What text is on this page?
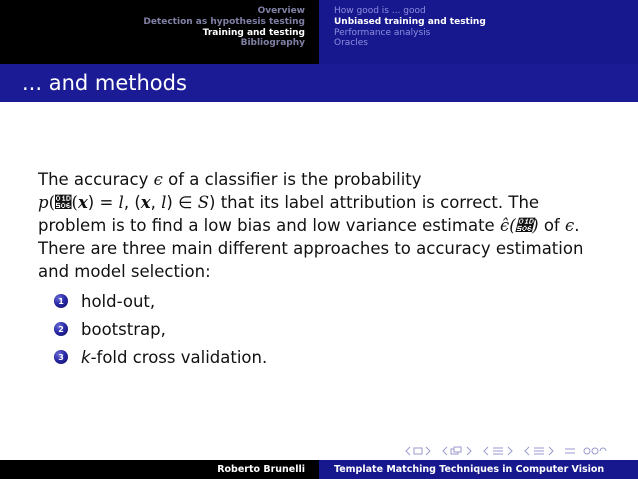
Overview
Detection as hypothesis testing
Training and testing
Bibliography
How good is ... good
Unbiased training and testing
Performance analysis
Oracles
... and methods

The accuracy ϵ of a classifier is the probability
p(𝔆(x) = l, (x, l) ∈ S) that its label attribution is correct. The
problem is to find a low bias and low variance estimate ϵ̂(𝔆) of ϵ.
There are three main different approaches to accuracy estimation and model selection:

1 hold-out,
2 bootstrap,
3 k-fold cross validation.
Roberto Brunelli	Template Matching Techniques in Computer Vision
